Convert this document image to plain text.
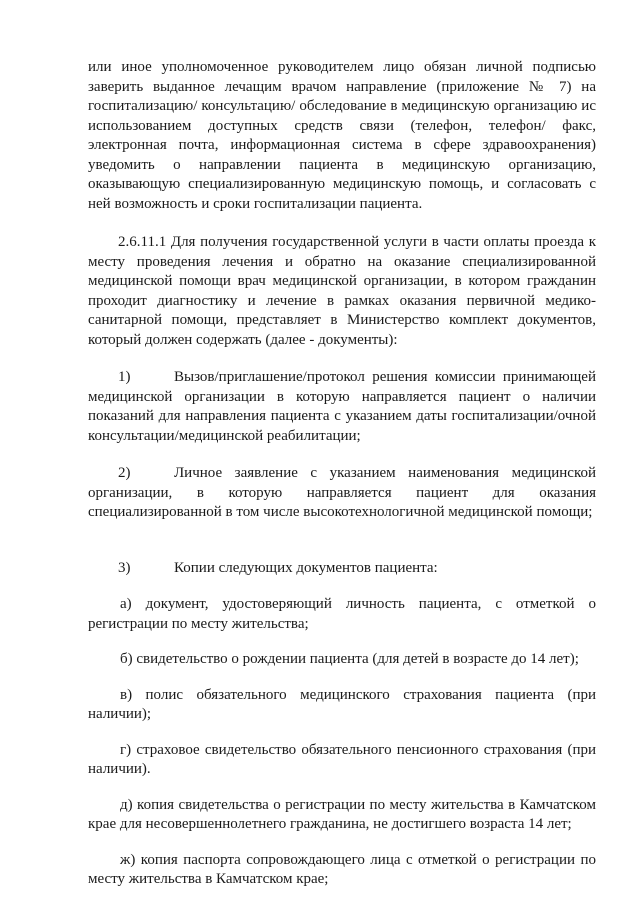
или иное уполномоченное руководителем лицо обязан личной подписью заверить выданное лечащим врачом направление (приложение № 7) на госпитализацию/ консультацию/ обследование в медицинскую организацию ис использованием доступных средств связи (телефон, телефон/ факс, электронная почта, информационная система в сфере здравоохранения) уведомить о направлении пациента в медицинскую организацию, оказывающую специализированную медицинскую помощь, и согласовать с ней возможность и сроки госпитализации пациента.

2.6.11.1 Для получения государственной услуги в части оплаты проезда к месту проведения лечения и обратно на оказание специализированной медицинской помощи врач медицинской организации, в котором гражданин проходит диагностику и лечение в рамках оказания первичной медико-санитарной помощи, представляет в Министерство комплект документов, который должен содержать (далее - документы):

1)	Вызов/приглашение/протокол решения комиссии принимающей медицинской организации в которую направляется пациент о наличии показаний для направления пациента с указанием даты госпитализации/очной консультации/медицинской реабилитации;

2)	Личное заявление с указанием наименования медицинской организации, в которую направляется пациент для оказания специализированной в том числе высокотехнологичной медицинской помощи;

3)	Копии следующих документов пациента:

а) документ, удостоверяющий личность пациента, с отметкой о регистрации по месту жительства;

б) свидетельство о рождении пациента (для детей в возрасте до 14 лет);

в) полис обязательного медицинского страхования пациента (при наличии);

г) страховое свидетельство обязательного пенсионного страхования (при наличии).

д) копия свидетельства о регистрации по месту жительства в Камчатском крае для несовершеннолетнего гражданина, не достигшего возраста 14 лет;

ж) копия паспорта сопровождающего лица с отметкой о регистрации по месту жительства в Камчатском крае;
